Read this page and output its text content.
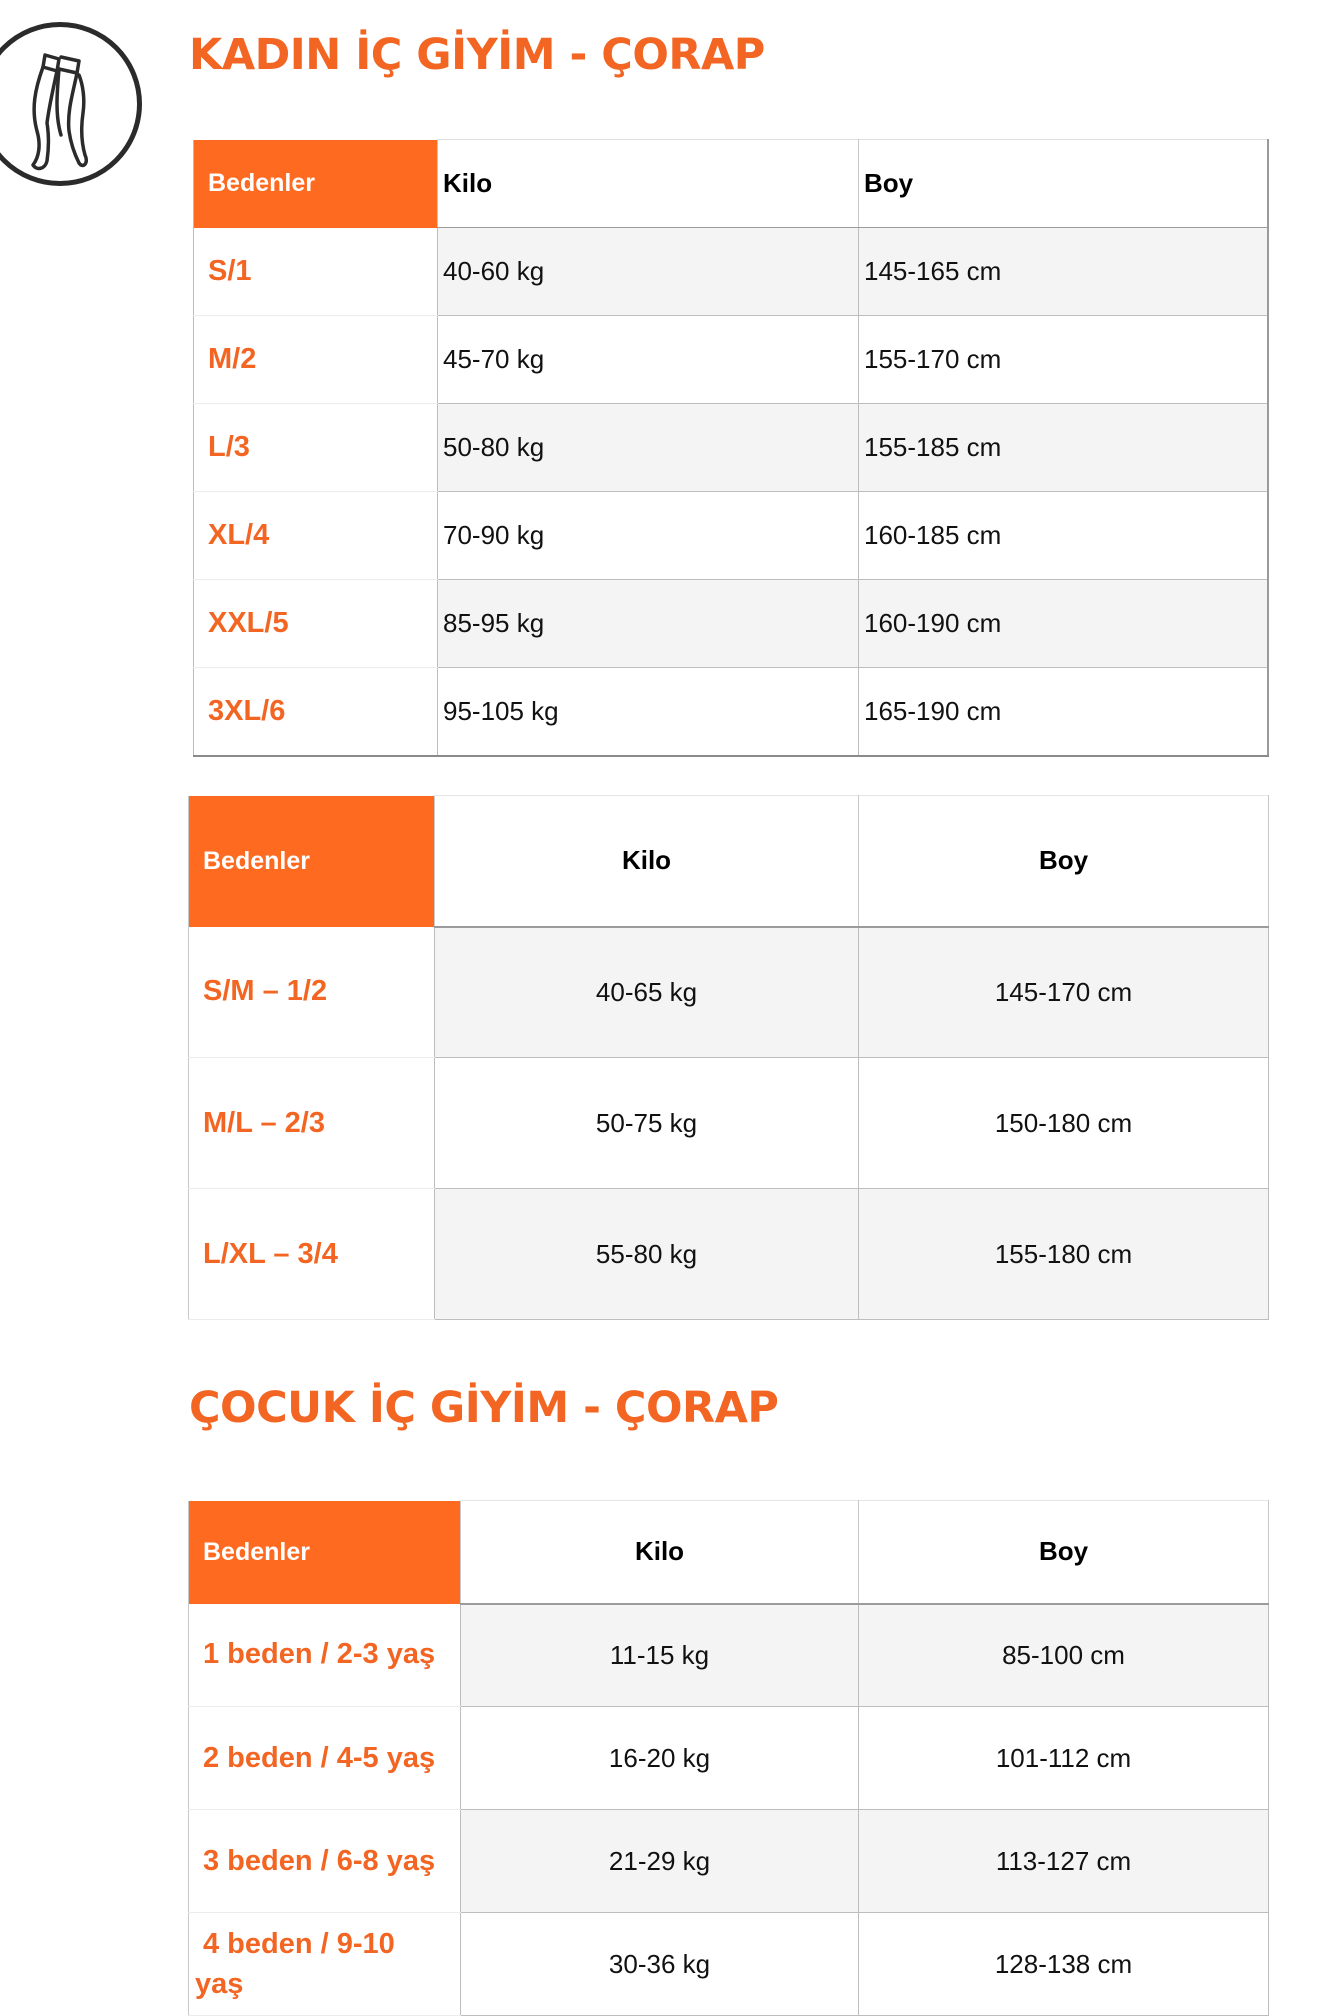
KADIN İÇ GİYİM - ÇORAP
Bedenler	Kilo	Boy
S/1	40-60 kg	145-165 cm
M/2	45-70 kg	155-170 cm
L/3	50-80 kg	155-185 cm
XL/4	70-90 kg	160-185 cm
XXL/5	85-95 kg	160-190 cm
3XL/6	95-105 kg	165-190 cm
Bedenler	Kilo	Boy
S/M – 1/2	40-65 kg	145-170 cm
M/L – 2/3	50-75 kg	150-180 cm
L/XL – 3/4	55-80 kg	155-180 cm
ÇOCUK İÇ GİYİM - ÇORAP
Bedenler	Kilo	Boy
1 beden / 2-3 yaş	11-15 kg	85-100 cm
2 beden / 4-5 yaş	16-20 kg	101-112 cm
3 beden / 6-8 yaş	21-29 kg	113-127 cm
4 beden / 9-10
yaş	30-36 kg	128-138 cm
